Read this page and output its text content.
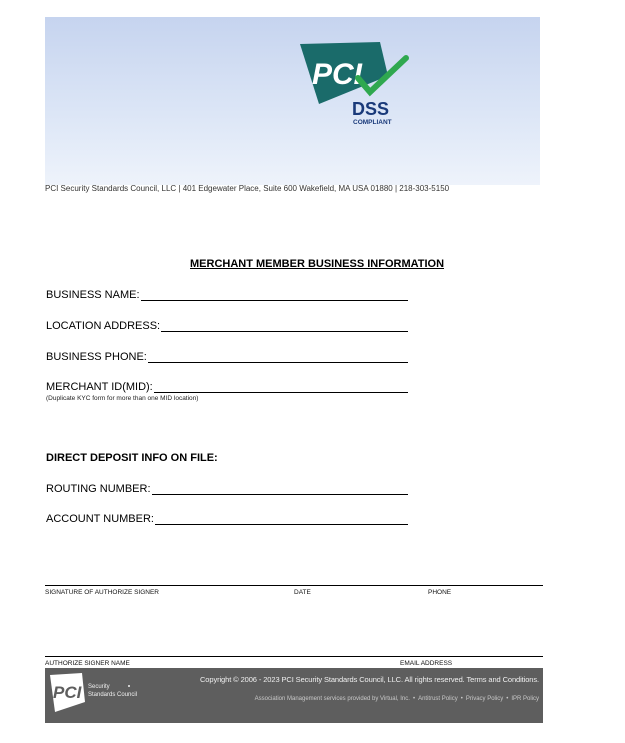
PCI
DSS
COMPLIANT
PCI Security Standards Council, LLC | 401 Edgewater Place, Suite 600 Wakefield, MA USA 01880 | 218-303-5150
MERCHANT MEMBER BUSINESS INFORMATION
BUSINESS NAME:
LOCATION ADDRESS:
BUSINESS PHONE:
MERCHANT ID(MID):
(Duplicate KYC form for more than one MID location)
DIRECT DEPOSIT INFO ON FILE:
ROUTING NUMBER:
ACCOUNT NUMBER:
SIGNATURE OF AUTHORIZE SIGNER	DATE	PHONE
AUTHORIZE SIGNER NAME	EMAIL ADDRESS
PCI Security
Standards Council
Copyright © 2006 - 2023 PCI Security Standards Council, LLC. All rights reserved. Terms and Conditions.
Association Management services provided by Virtual, Inc. • Antitrust Policy • Privacy Policy • IPR Policy
